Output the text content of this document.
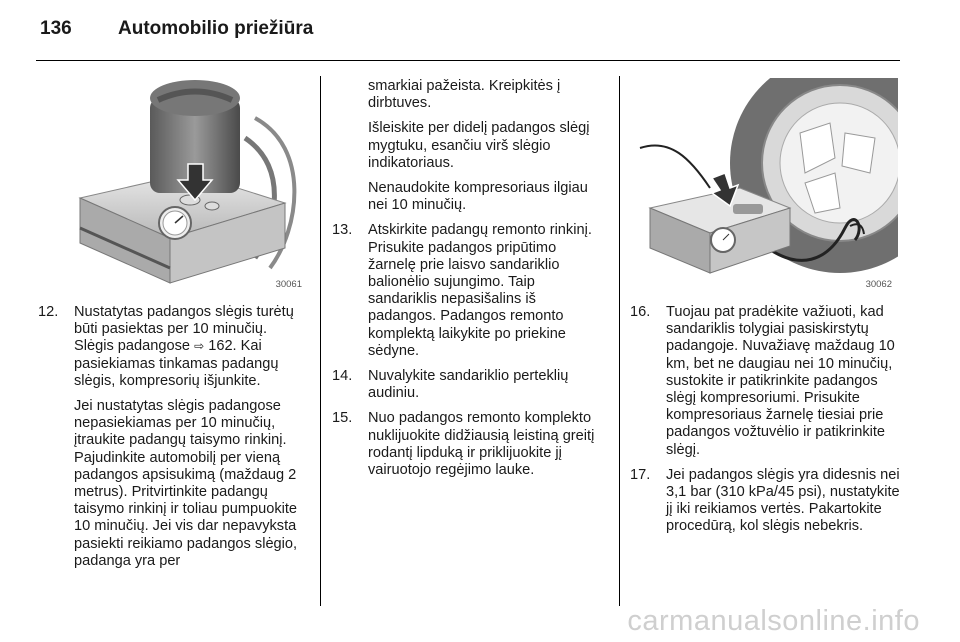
136	Automobilio priežiūra
30061	30062
12. Nustatytas padangos slėgis turėtų būti pasiektas per 10 minučių. Slėgis padangose ⇨ 162. Kai pasiekiamas tinkamas padangų slėgis, kompresorių išjunkite.
Jei nustatytas slėgis padangose nepasiekiamas per 10 minučių, įtraukite padangų taisymo rinkinį. Pajudinkite automobilį per vieną padangos apsisukimą (maždaug 2 metrus). Pritvirtinkite padangų taisymo rinkinį ir toliau pumpuokite 10 minučių. Jei vis dar nepavyksta pasiekti reikiamo padangos slėgio, padanga yra per
smarkiai pažeista. Kreipkitės į dirbtuves.
Išleiskite per didelį padangos slėgį mygtuku, esančiu virš slėgio indikatoriaus.
Nenaudokite kompresoriaus ilgiau nei 10 minučių.
13. Atskirkite padangų remonto rinkinį. Prisukite padangos pripūtimo žarnelę prie laisvo sandariklio balionėlio sujungimo. Taip sandariklis nepasišalins iš padangos. Padangos remonto komplektą laikykite po priekine sėdyne.
14. Nuvalykite sandariklio perteklių audiniu.
15. Nuo padangos remonto komplekto nuklijuokite didžiausią leistiną greitį rodantį lipduką ir priklijuokite jį vairuotojo regėjimo lauke.
16. Tuojau pat pradėkite važiuoti, kad sandariklis tolygiai pasiskirstytų padangoje. Nuvažiavę maždaug 10 km, bet ne daugiau nei 10 minučių, sustokite ir patikrinkite padangos slėgį kompresoriumi. Prisukite kompresoriaus žarnelę tiesiai prie padangos vožtuvėlio ir patikrinkite slėgį.
17. Jei padangos slėgis yra didesnis nei 3,1 bar (310 kPa/45 psi), nustatykite jį iki reikiamos vertės. Pakartokite procedūrą, kol slėgis nebekris.
carmanualsonline.info
